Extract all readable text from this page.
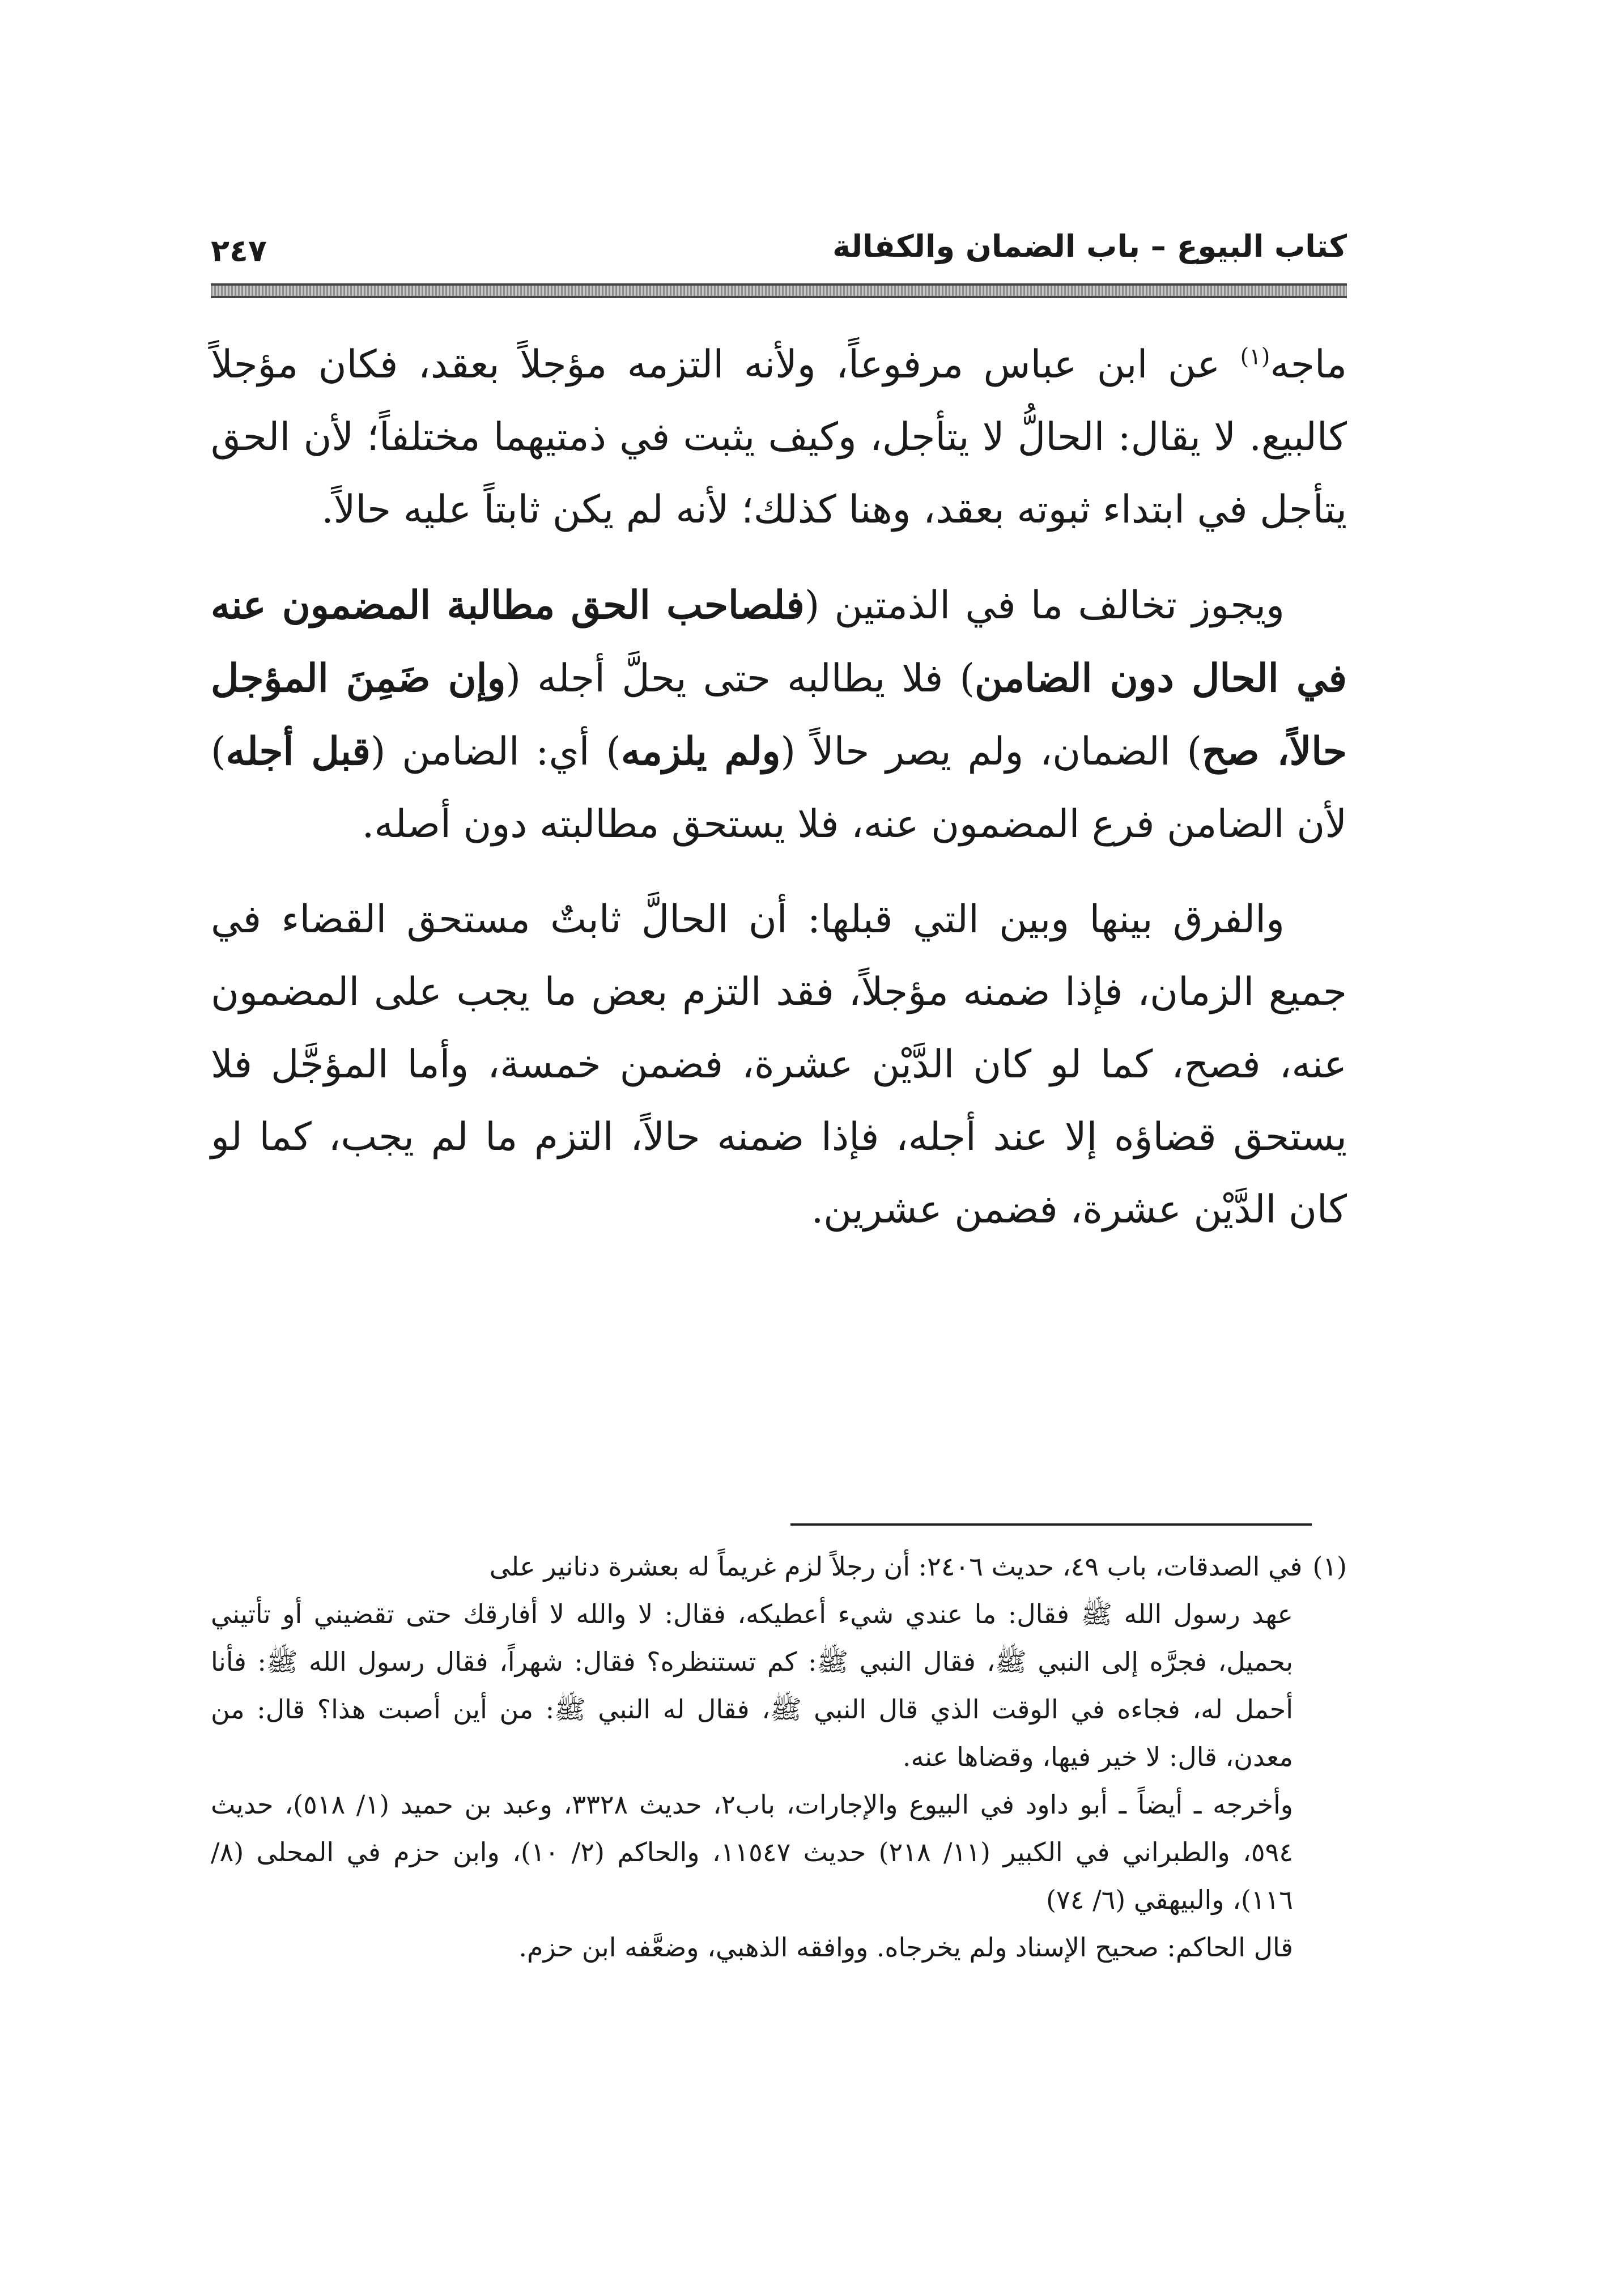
كتاب البيوع – باب الضمان والكفالة
٢٤٧

ماجه$^{(١)}$ عن ابن عباس مرفوعاً، ولأنه التزمه مؤجلاً بعقد، فكان مؤجلاً كالبيع. لا يقال: الحالُّ لا يتأجل، وكيف يثبت في ذمتيهما مختلفاً؛ لأن الحق يتأجل في ابتداء ثبوته بعقد، وهنا كذلك؛ لأنه لم يكن ثابتاً عليه حالاً.

ويجوز تخالف ما في الذمتين (فلصاحب الحق مطالبة المضمون عنه في الحال دون الضامن) فلا يطالبه حتى يحلَّ أجله (وإن ضَمِنَ المؤجل حالاً، صح) الضمان، ولم يصر حالاً (ولم يلزمه) أي: الضامن (قبل أجله) لأن الضامن فرع المضمون عنه، فلا يستحق مطالبته دون أصله.

والفرق بينها وبين التي قبلها: أن الحالَّ ثابتٌ مستحق القضاء في جميع الزمان، فإذا ضمنه مؤجلاً، فقد التزم بعض ما يجب على المضمون عنه، فصح، كما لو كان الدَّيْن عشرة، فضمن خمسة، وأما المؤجَّل فلا يستحق قضاؤه إلا عند أجله، فإذا ضمنه حالاً، التزم ما لم يجب، كما لو كان الدَّيْن عشرة، فضمن عشرين.

(١)في الصدقات، باب ٤٩، حديث ٢٤٠٦: أن رجلاً لزم غريماً له بعشرة دنانير على

عهد رسول الله ﷺ فقال: ما عندي شيء أعطيكه، فقال: لا والله لا أفارقك حتى تقضيني أو تأتيني بحميل، فجرَّه إلى النبي ﷺ، فقال النبي ﷺ: كم تستنظره؟ فقال: شهراً، فقال رسول الله ﷺ: فأنا أحمل له، فجاءه في الوقت الذي قال النبي ﷺ، فقال له النبي ﷺ: من أين أصبت هذا؟ قال: من معدن، قال: لا خير فيها، وقضاها عنه.

وأخرجه ـ أيضاً ـ أبو داود في البيوع والإجارات، باب٢، حديث ٣٣٢٨، وعبد بن حميد (١/ ٥١٨)، حديث ٥٩٤، والطبراني في الكبير (١١/ ٢١٨) حديث ١١٥٤٧، والحاكم (٢/ ١٠)، وابن حزم في المحلى (٨/ ١١٦)، والبيهقي (٦/ ٧٤)

قال الحاكم: صحيح الإسناد ولم يخرجاه. ووافقه الذهبي، وضعَّفه ابن حزم.
